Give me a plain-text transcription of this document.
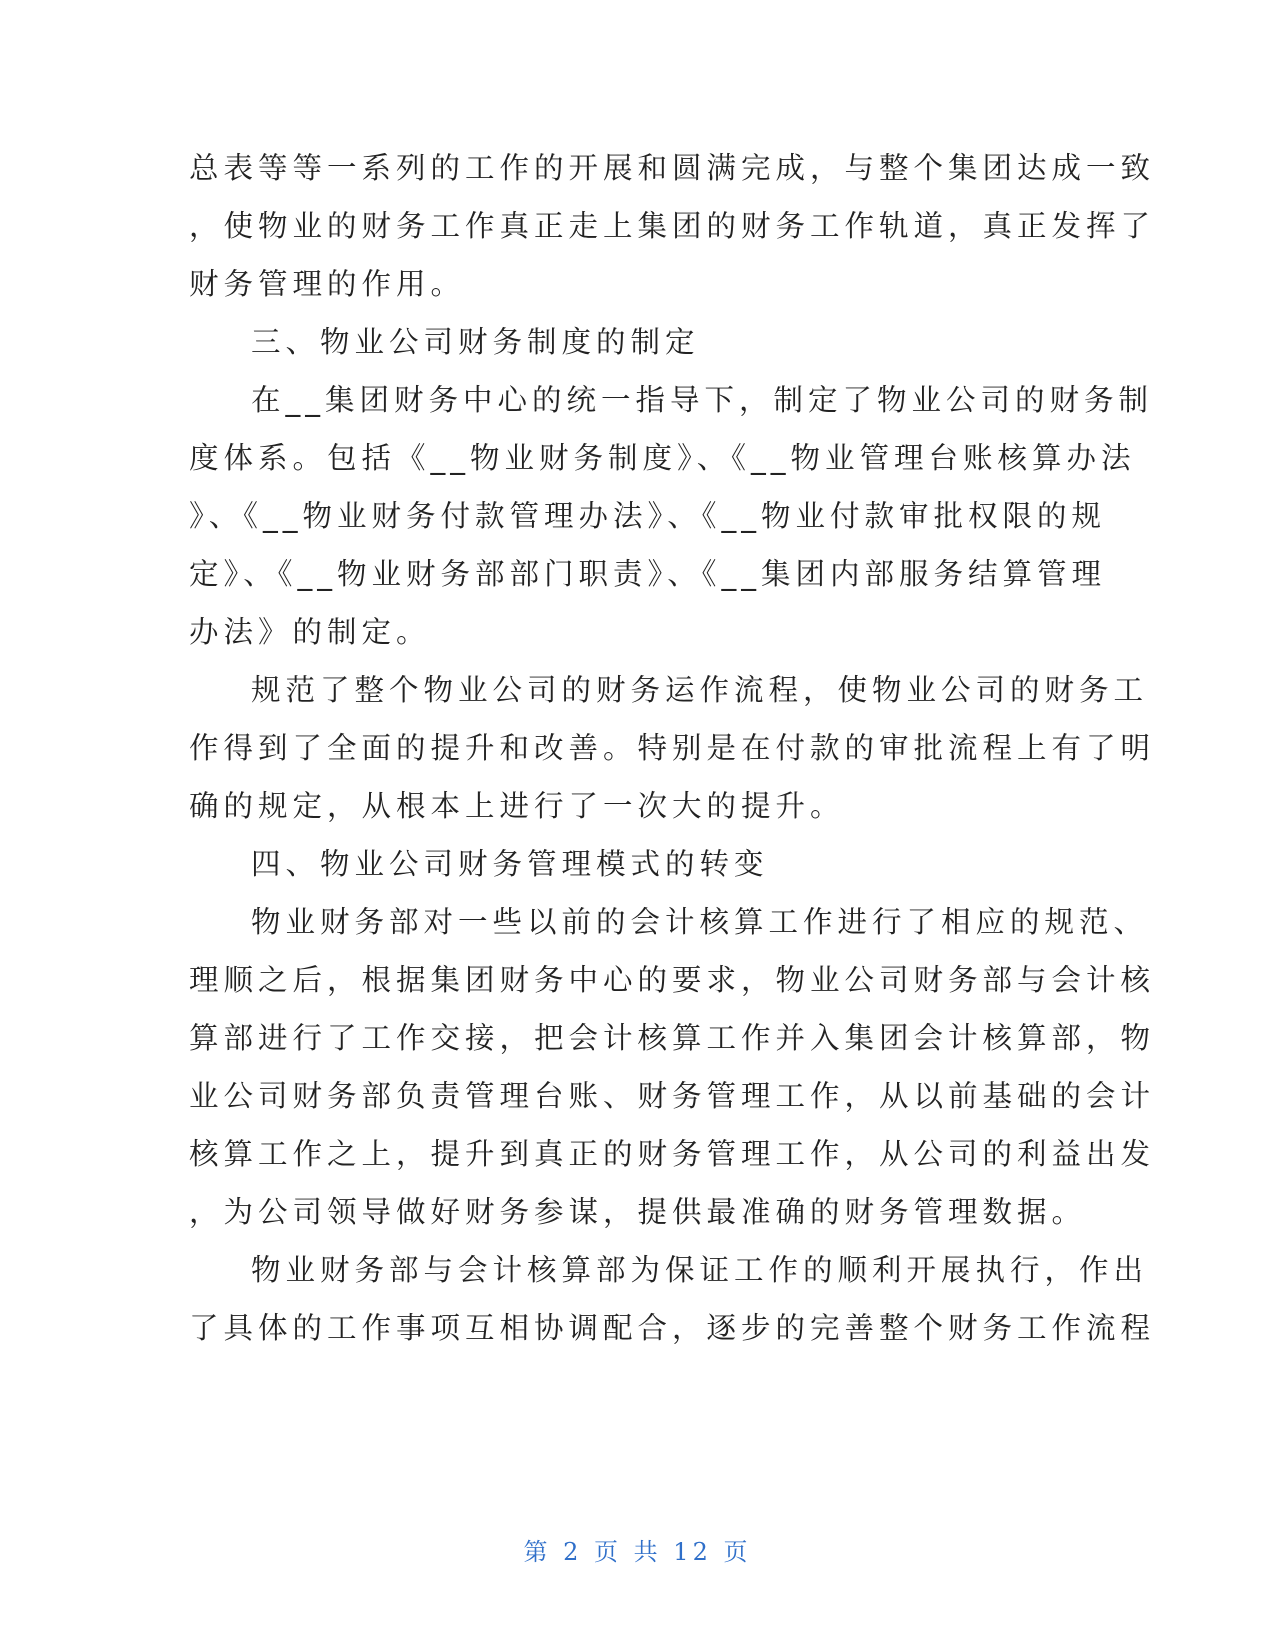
总表等等一系列的工作的开展和圆满完成，与整个集团达成一致
，使物业的财务工作真正走上集团的财务工作轨道，真正发挥了
财务管理的作用。
三、物业公司财务制度的制定
在__集团财务中心的统一指导下，制定了物业公司的财务制
度体系。包括《__物业财务制度》、《__物业管理台账核算办法
》、《__物业财务付款管理办法》、《__物业付款审批权限的规
定》、《__物业财务部部门职责》、《__集团内部服务结算管理
办法》的制定。
规范了整个物业公司的财务运作流程，使物业公司的财务工
作得到了全面的提升和改善。特别是在付款的审批流程上有了明
确的规定，从根本上进行了一次大的提升。
四、物业公司财务管理模式的转变
物业财务部对一些以前的会计核算工作进行了相应的规范、
理顺之后，根据集团财务中心的要求，物业公司财务部与会计核
算部进行了工作交接，把会计核算工作并入集团会计核算部，物
业公司财务部负责管理台账、财务管理工作，从以前基础的会计
核算工作之上，提升到真正的财务管理工作，从公司的利益出发
，为公司领导做好财务参谋，提供最准确的财务管理数据。
物业财务部与会计核算部为保证工作的顺利开展执行，作出
了具体的工作事项互相协调配合，逐步的完善整个财务工作流程
第 2 页 共 12 页
